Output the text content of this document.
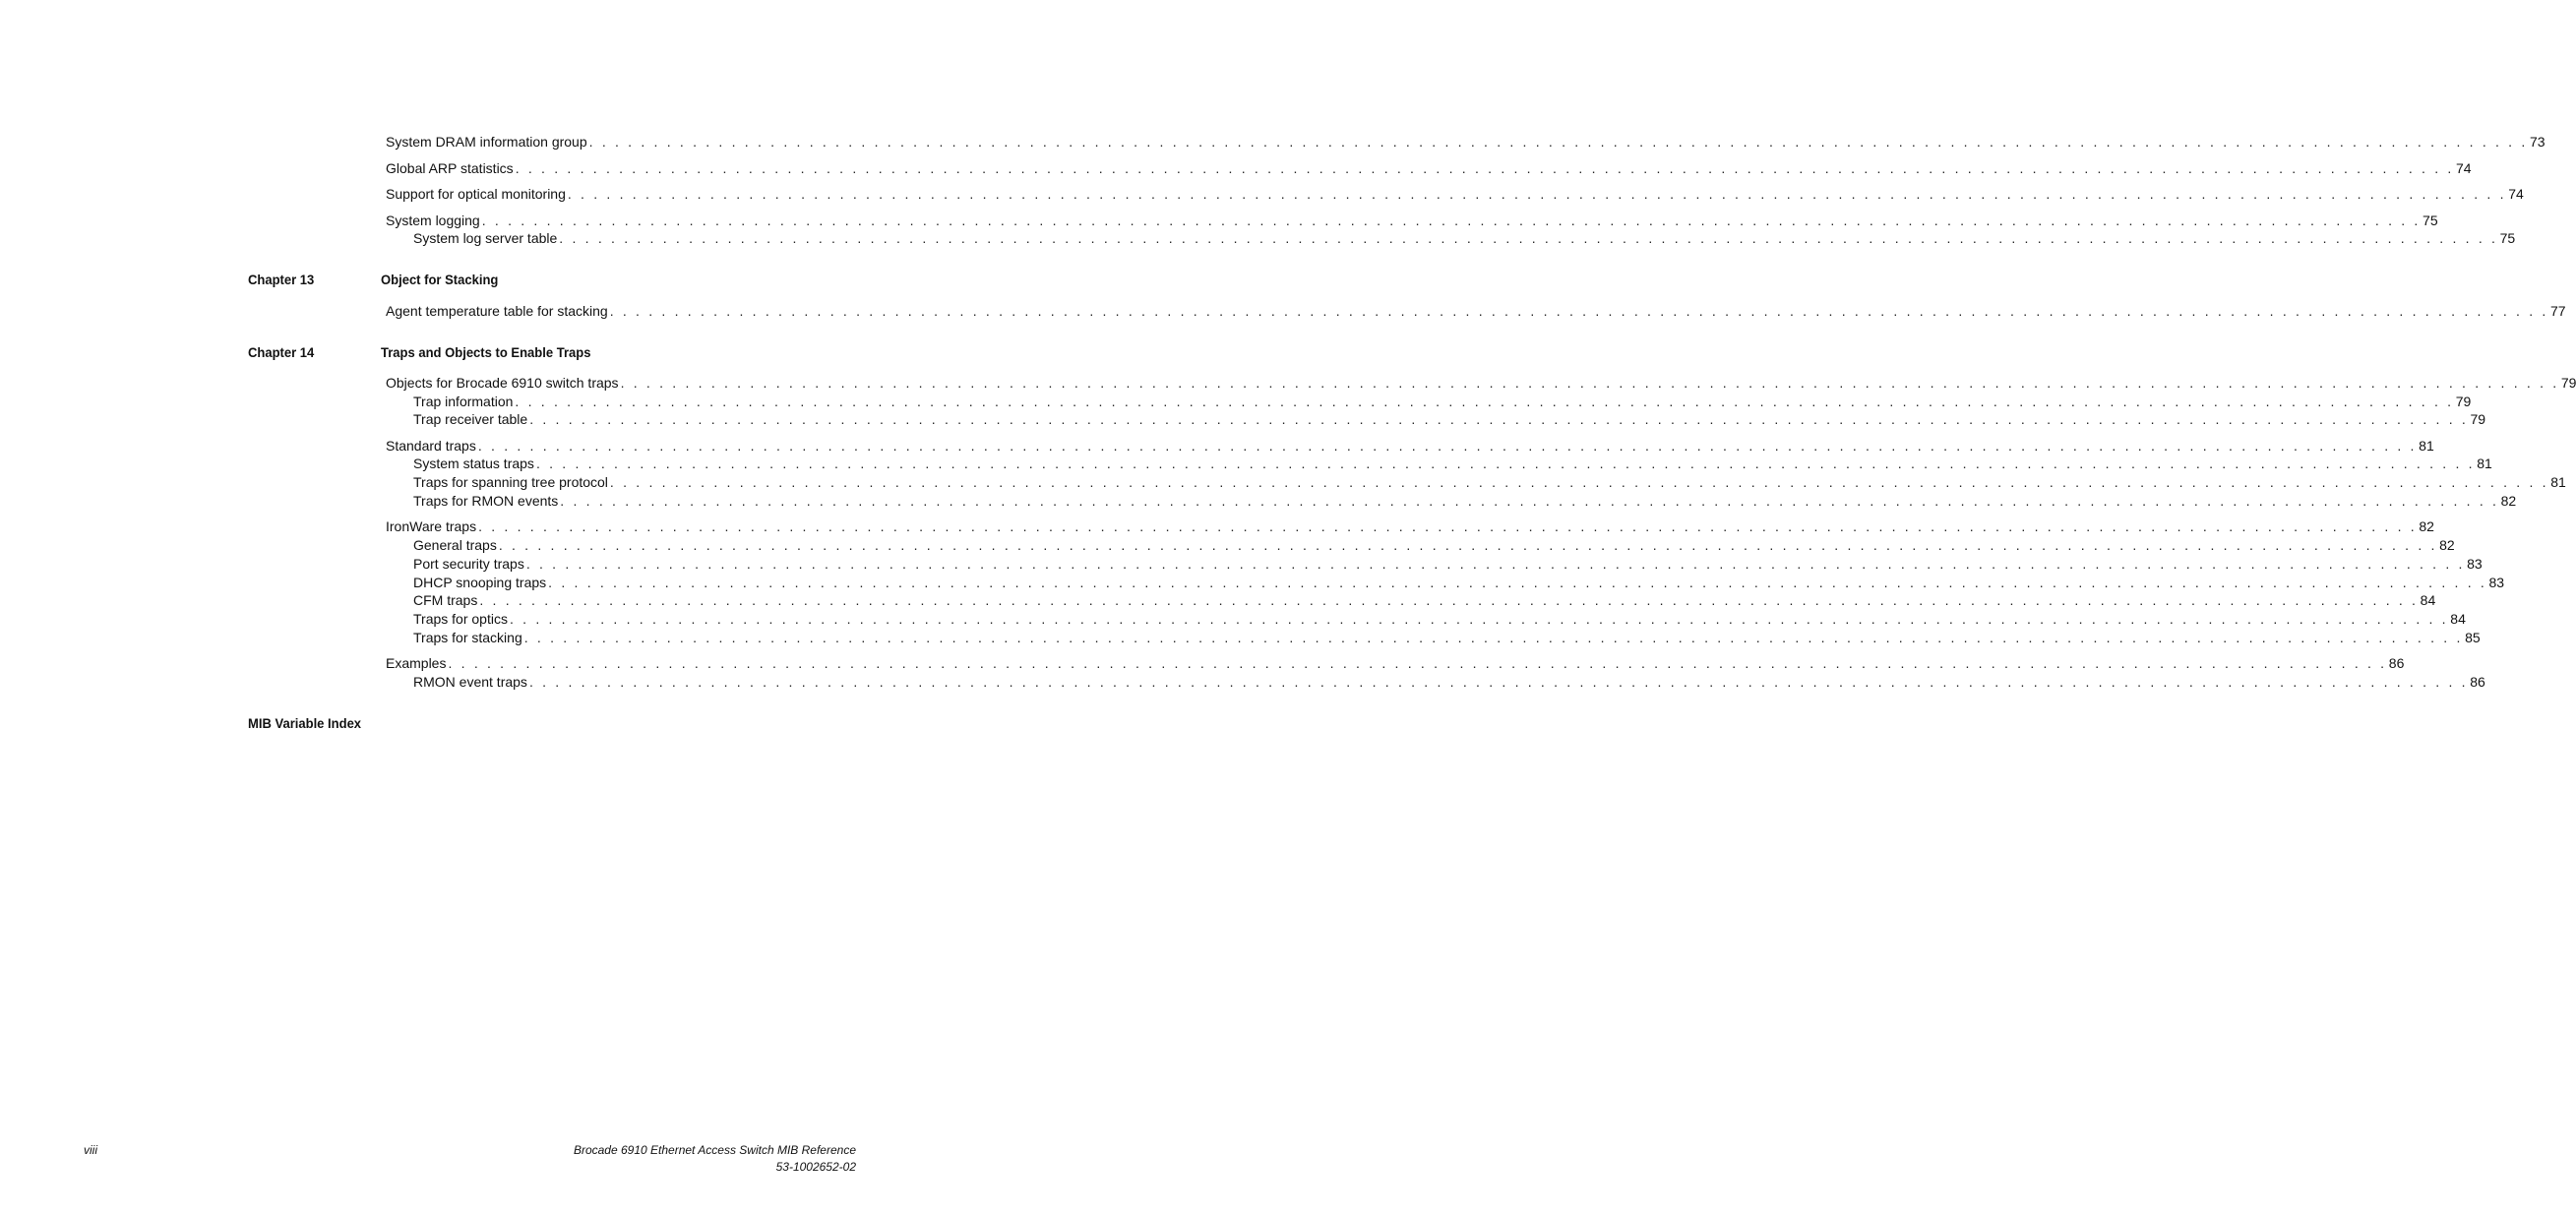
System DRAM information group . . . . . . . . . . . . . . . . . . . . . . . . . . . . . . . . . . . . . . . . . . . . . . . . . . . . . . . . . . . . . . . . . . . . . . . . . . . . . . . . . . . . . . . . . . . . . . . . . . . . . . . . . . . . . . . . . . . . . . . . . . . . . . . . . . . . . . . . . . . . . . . . . . . . . . 73
Global ARP statistics . . . . . . . . . . . . . . . . . . . . . . . . . . . . . . . . . . . . . . . . . . . . . . . . . . . . . . . . . . . . . . . . . . . . . . . . . . . . . . . . . . . . . . . . . . . . . . . . . . . . . . . . . . . . . . . . . . . . . . . . . . . . . . . . . . . . . . . . . . . . . . . . . . . . . . 74
Support for optical monitoring . . . . . . . . . . . . . . . . . . . . . . . . . . . . . . . . . . . . . . . . . . . . . . . . . . . . . . . . . . . . . . . . . . . . . . . . . . . . . . . . . . . . . . . . . . . . . . . . . . . . . . . . . . . . . . . . . . . . . . . . . . . . . . . . . . . . . . . . . . . . . . . . . . . . . . 74
System logging . . . . . . . . . . . . . . . . . . . . . . . . . . . . . . . . . . . . . . . . . . . . . . . . . . . . . . . . . . . . . . . . . . . . . . . . . . . . . . . . . . . . . . . . . . . . . . . . . . . . . . . . . . . . . . . . . . . . . . . . . . . . . . . . . . . . . . . . . . . . . . . . . . . . . . 75
System log server table . . . . . . . . . . . . . . . . . . . . . . . . . . . . . . . . . . . . . . . . . . . . . . . . . . . . . . . . . . . . . . . . . . . . . . . . . . . . . . . . . . . . . . . . . . . . . . . . . . . . . . . . . . . . . . . . . . . . . . . . . . . . . . . . . . . . . . . . . . . . . . . . . . . . . . 75
Chapter 13	Object for Stacking
Agent temperature table for stacking . . . . . . . . . . . . . . . . . . . . . . . . . . . . . . . . . . . . . . . . . . . . . . . . . . . . . . . . . . . . . . . . . . . . . . . . . . . . . . . . . . . . . . . . . . . . . . . . . . . . . . . . . . . . . . . . . . . . . . . . . . . . . . . . . . . . . . . . . . . . . . . . . . . . . . 77
Chapter 14	Traps and Objects to Enable Traps
Objects for Brocade 6910 switch traps . . . . . . . . . . . . . . . . . . . . . . . . . . . . . . . . . . . . . . . . . . . . . . . . . . . . . . . . . . . . . . . . . . . . . . . . . . . . . . . . . . . . . . . . . . . . . . . . . . . . . . . . . . . . . . . . . . . . . . . . . . . . . . . . . . . . . . . . . . . . . . . . . . . . . . 79
Trap information . . . . . . . . . . . . . . . . . . . . . . . . . . . . . . . . . . . . . . . . . . . . . . . . . . . . . . . . . . . . . . . . . . . . . . . . . . . . . . . . . . . . . . . . . . . . . . . . . . . . . . . . . . . . . . . . . . . . . . . . . . . . . . . . . . . . . . . . . . . . . . . . . . . . . . 79
Trap receiver table . . . . . . . . . . . . . . . . . . . . . . . . . . . . . . . . . . . . . . . . . . . . . . . . . . . . . . . . . . . . . . . . . . . . . . . . . . . . . . . . . . . . . . . . . . . . . . . . . . . . . . . . . . . . . . . . . . . . . . . . . . . . . . . . . . . . . . . . . . . . . . . . . . . . . . 79
Standard traps . . . . . . . . . . . . . . . . . . . . . . . . . . . . . . . . . . . . . . . . . . . . . . . . . . . . . . . . . . . . . . . . . . . . . . . . . . . . . . . . . . . . . . . . . . . . . . . . . . . . . . . . . . . . . . . . . . . . . . . . . . . . . . . . . . . . . . . . . . . . . . . . . . . . . . 81
System status traps . . . . . . . . . . . . . . . . . . . . . . . . . . . . . . . . . . . . . . . . . . . . . . . . . . . . . . . . . . . . . . . . . . . . . . . . . . . . . . . . . . . . . . . . . . . . . . . . . . . . . . . . . . . . . . . . . . . . . . . . . . . . . . . . . . . . . . . . . . . . . . . . . . . . . . 81
Traps for spanning tree protocol . . . . . . . . . . . . . . . . . . . . . . . . . . . . . . . . . . . . . . . . . . . . . . . . . . . . . . . . . . . . . . . . . . . . . . . . . . . . . . . . . . . . . . . . . . . . . . . . . . . . . . . . . . . . . . . . . . . . . . . . . . . . . . . . . . . . . . . . . . . . . . . . . . . . . . 81
Traps for RMON events . . . . . . . . . . . . . . . . . . . . . . . . . . . . . . . . . . . . . . . . . . . . . . . . . . . . . . . . . . . . . . . . . . . . . . . . . . . . . . . . . . . . . . . . . . . . . . . . . . . . . . . . . . . . . . . . . . . . . . . . . . . . . . . . . . . . . . . . . . . . . . . . . . . . . . 82
IronWare traps . . . . . . . . . . . . . . . . . . . . . . . . . . . . . . . . . . . . . . . . . . . . . . . . . . . . . . . . . . . . . . . . . . . . . . . . . . . . . . . . . . . . . . . . . . . . . . . . . . . . . . . . . . . . . . . . . . . . . . . . . . . . . . . . . . . . . . . . . . . . . . . . . . . . . . 82
General traps . . . . . . . . . . . . . . . . . . . . . . . . . . . . . . . . . . . . . . . . . . . . . . . . . . . . . . . . . . . . . . . . . . . . . . . . . . . . . . . . . . . . . . . . . . . . . . . . . . . . . . . . . . . . . . . . . . . . . . . . . . . . . . . . . . . . . . . . . . . . . . . . . . . . . . 82
Port security traps . . . . . . . . . . . . . . . . . . . . . . . . . . . . . . . . . . . . . . . . . . . . . . . . . . . . . . . . . . . . . . . . . . . . . . . . . . . . . . . . . . . . . . . . . . . . . . . . . . . . . . . . . . . . . . . . . . . . . . . . . . . . . . . . . . . . . . . . . . . . . . . . . . . . . . 83
DHCP snooping traps . . . . . . . . . . . . . . . . . . . . . . . . . . . . . . . . . . . . . . . . . . . . . . . . . . . . . . . . . . . . . . . . . . . . . . . . . . . . . . . . . . . . . . . . . . . . . . . . . . . . . . . . . . . . . . . . . . . . . . . . . . . . . . . . . . . . . . . . . . . . . . . . . . . . . . 83
CFM traps . . . . . . . . . . . . . . . . . . . . . . . . . . . . . . . . . . . . . . . . . . . . . . . . . . . . . . . . . . . . . . . . . . . . . . . . . . . . . . . . . . . . . . . . . . . . . . . . . . . . . . . . . . . . . . . . . . . . . . . . . . . . . . . . . . . . . . . . . . . . . . . . . . . . . . 84
Traps for optics . . . . . . . . . . . . . . . . . . . . . . . . . . . . . . . . . . . . . . . . . . . . . . . . . . . . . . . . . . . . . . . . . . . . . . . . . . . . . . . . . . . . . . . . . . . . . . . . . . . . . . . . . . . . . . . . . . . . . . . . . . . . . . . . . . . . . . . . . . . . . . . . . . . . . . 84
Traps for stacking . . . . . . . . . . . . . . . . . . . . . . . . . . . . . . . . . . . . . . . . . . . . . . . . . . . . . . . . . . . . . . . . . . . . . . . . . . . . . . . . . . . . . . . . . . . . . . . . . . . . . . . . . . . . . . . . . . . . . . . . . . . . . . . . . . . . . . . . . . . . . . . . . . . . . . 85
Examples . . . . . . . . . . . . . . . . . . . . . . . . . . . . . . . . . . . . . . . . . . . . . . . . . . . . . . . . . . . . . . . . . . . . . . . . . . . . . . . . . . . . . . . . . . . . . . . . . . . . . . . . . . . . . . . . . . . . . . . . . . . . . . . . . . . . . . . . . . . . . . . . . . . . . . 86
RMON event traps . . . . . . . . . . . . . . . . . . . . . . . . . . . . . . . . . . . . . . . . . . . . . . . . . . . . . . . . . . . . . . . . . . . . . . . . . . . . . . . . . . . . . . . . . . . . . . . . . . . . . . . . . . . . . . . . . . . . . . . . . . . . . . . . . . . . . . . . . . . . . . . . . . . . . . 86
MIB Variable Index
viii	Brocade 6910 Ethernet Access Switch MIB Reference
53-1002652-02
